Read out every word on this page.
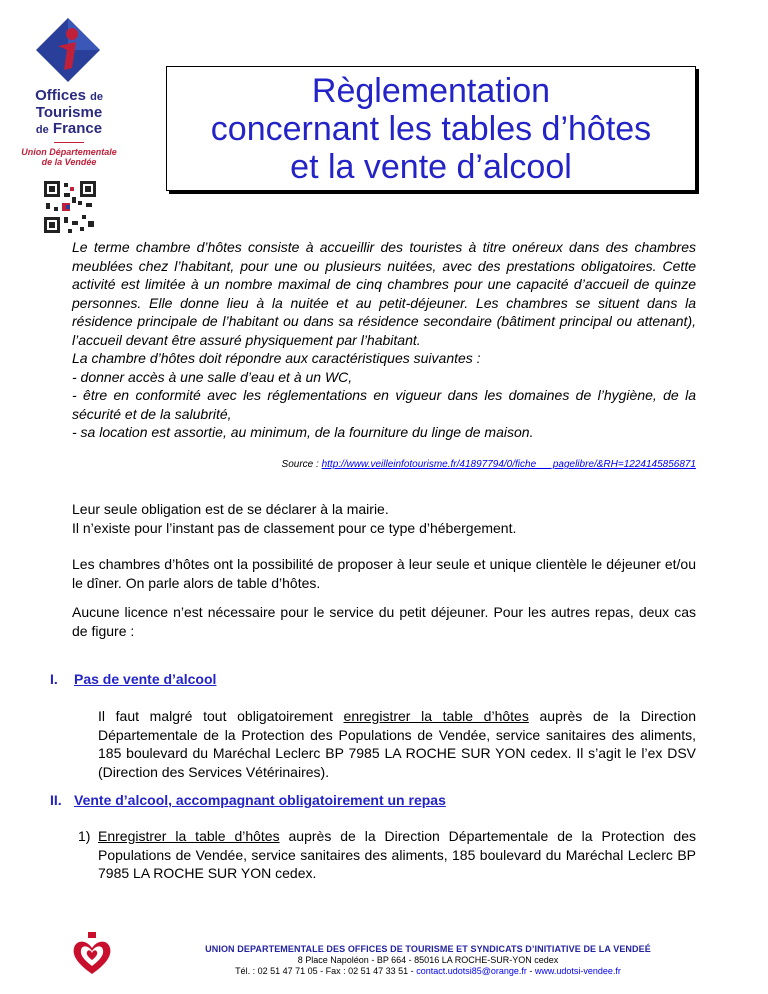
Offices de
Tourisme
de France
Union Départementale
de la Vendée
Règlementation
concernant les tables d’hôtes
et la vente d’alcool

Le terme chambre d’hôtes consiste à accueillir des touristes à titre onéreux dans des chambres meublées chez l’habitant, pour une ou plusieurs nuitées, avec des prestations obligatoires. Cette activité est limitée à un nombre maximal de cinq chambres pour une capacité d’accueil de quinze personnes. Elle donne lieu à la nuitée et au petit-déjeuner. Les chambres se situent dans la résidence principale de l’habitant ou dans sa résidence secondaire (bâtiment principal ou attenant), l’accueil devant être assuré physiquement par l’habitant.

La chambre d’hôtes doit répondre aux caractéristiques suivantes :

- donner accès à une salle d’eau et à un WC,

- être en conformité avec les réglementations en vigueur dans les domaines de l’hygiène, de la sécurité et de la salubrité,

- sa location est assortie, au minimum, de la fourniture du linge de maison.

Source : http://www.veilleinfotourisme.fr/41897794/0/fiche___pagelibre/&RH=1224145856871

Leur seule obligation est de se déclarer à la mairie.

Il n’existe pour l’instant pas de classement pour ce type d’hébergement.

Les chambres d’hôtes ont la possibilité de proposer à leur seule et unique clientèle le déjeuner et/ou le dîner. On parle alors de table d’hôtes.

Aucune licence n’est nécessaire pour le service du petit déjeuner. Pour les autres repas, deux cas de figure :

I. Pas de vente d’alcool

Il faut malgré tout obligatoirement enregistrer la table d’hôtes auprès de la Direction Départementale de la Protection des Populations de Vendée, service sanitaires des aliments, 185 boulevard du Maréchal Leclerc BP 7985 LA ROCHE SUR YON cedex. Il s’agit le l’ex DSV (Direction des Services Vétérinaires).

II. Vente d’alcool, accompagnant obligatoirement un repas
1) Enregistrer la table d’hôtes auprès de la Direction Départementale de la Protection des Populations de Vendée, service sanitaires des aliments, 185 boulevard du Maréchal Leclerc BP 7985 LA ROCHE SUR YON cedex.

UNION DEPARTEMENTALE DES OFFICES DE TOURISME ET SYNDICATS D’INITIATIVE DE LA VENDEÉ
8 Place Napoléon - BP 664 - 85016 LA ROCHE-SUR-YON cedex
Tél. : 02 51 47 71 05 - Fax : 02 51 47 33 51 - contact.udotsi85@orange.fr - www.udotsi-vendee.fr
